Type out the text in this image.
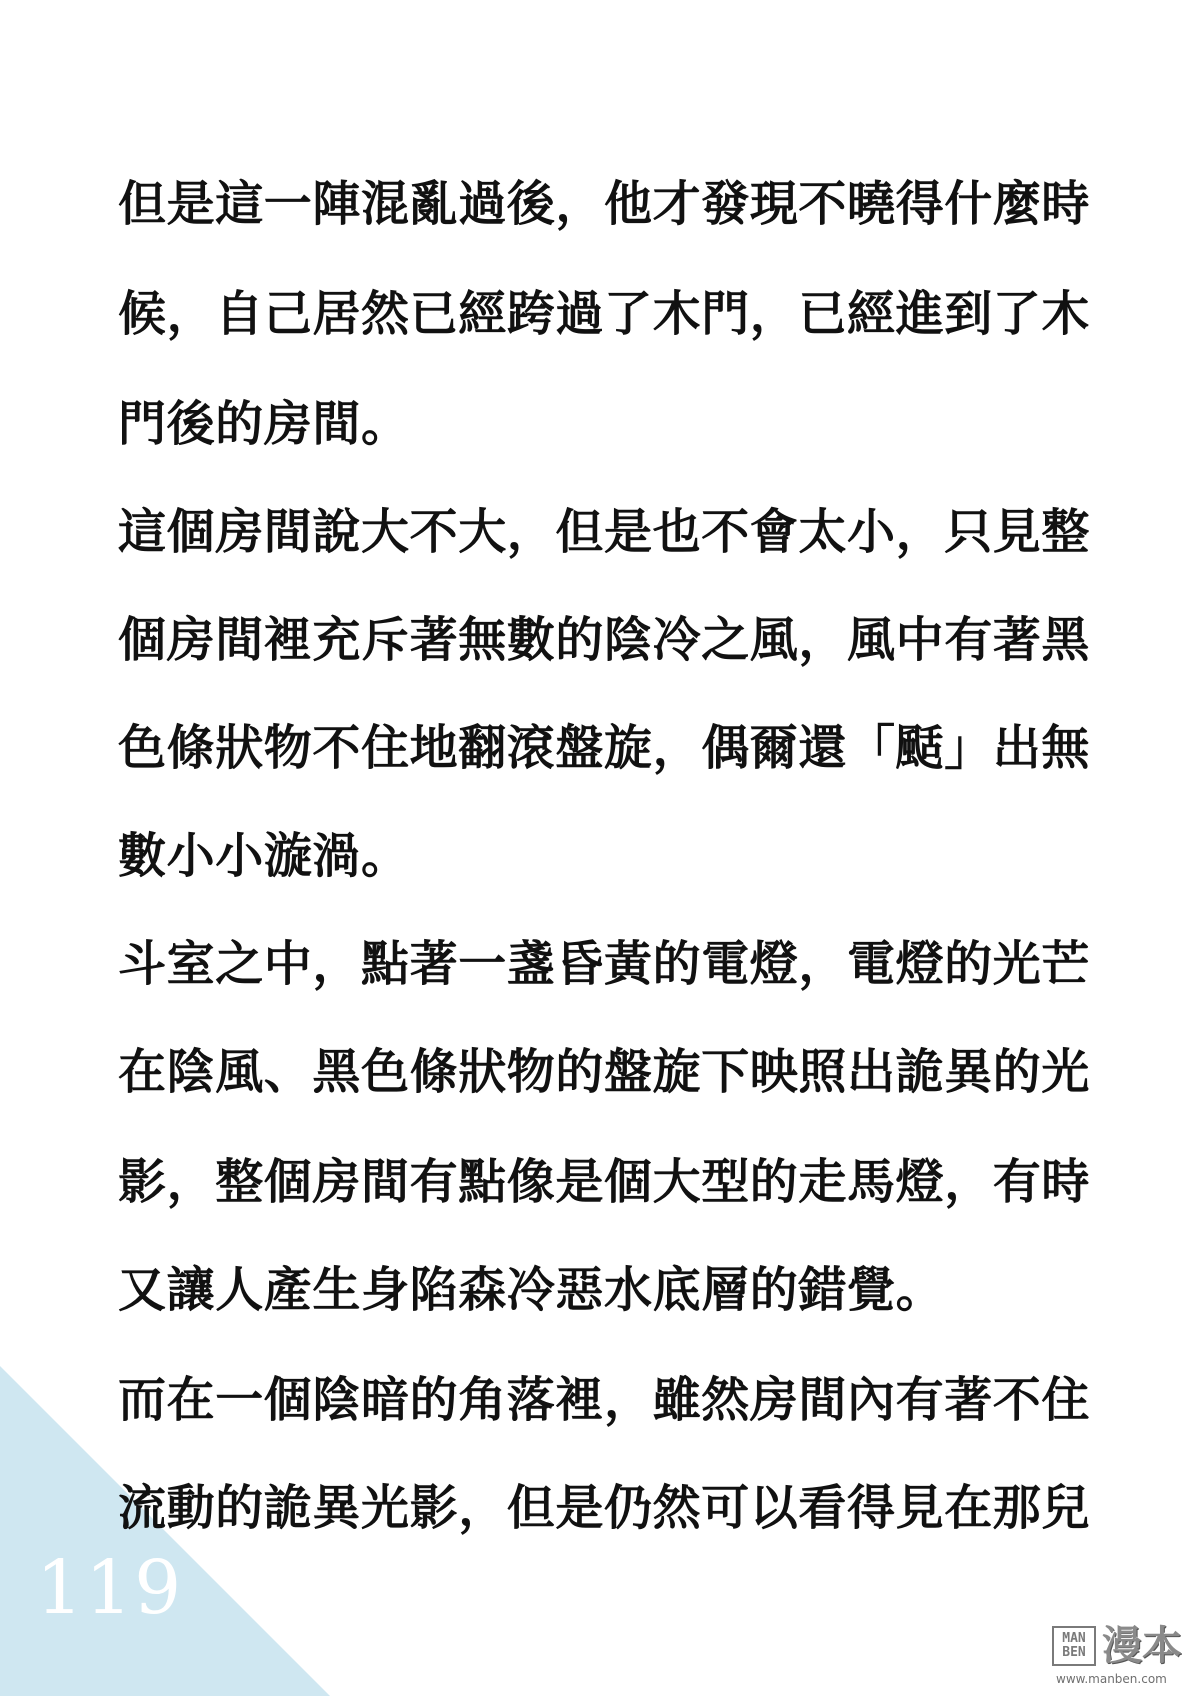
但是這一陣混亂過後，他才發現不曉得什麼時
候，自己居然已經跨過了木門，已經進到了木
門後的房間。
這個房間說大不大，但是也不會太小，只見整
個房間裡充斥著無數的陰冷之風，風中有著黑
色條狀物不住地翻滾盤旋，偶爾還「颳」出無
數小小漩渦。
斗室之中，點著一盞昏黃的電燈，電燈的光芒
在陰風、黑色條狀物的盤旋下映照出詭異的光
影，整個房間有點像是個大型的走馬燈，有時
又讓人產生身陷森冷惡水底層的錯覺。
而在一個陰暗的角落裡，雖然房間內有著不住
流動的詭異光影，但是仍然可以看得見在那兒
119
MAN
BEN 漫本
www.manben.com
